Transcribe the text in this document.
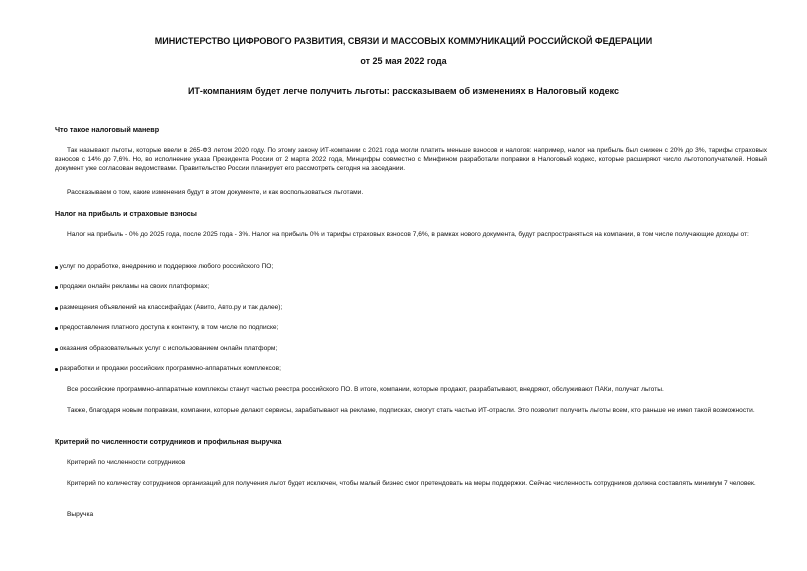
МИНИСТЕРСТВО ЦИФРОВОГО РАЗВИТИЯ, СВЯЗИ И МАССОВЫХ КОММУНИКАЦИЙ РОССИЙСКОЙ ФЕДЕРАЦИИ

от 25 мая 2022 года

ИТ-компаниям будет легче получить льготы: рассказываем об изменениях в Налоговый кодекс

Что такое налоговый маневр

Так называют льготы, которые ввели в 265-ФЗ летом 2020 году. По этому закону ИТ-компании с 2021 года могли платить меньше взносов и налогов: например, налог на прибыль был снижен с 20% до 3%, тарифы страховых взносов с 14% до 7,6%. Но, во исполнение указа Президента России от 2 марта 2022 года, Минцифры совместно с Минфином разработали поправки в Налоговый кодекс, которые расширяют число льготополучателей. Новый документ уже согласован ведомствами. Правительство России планирует его рассмотреть сегодня на заседании.

Рассказываем о том, какие изменения будут в этом документе, и как воспользоваться льготами.

Налог на прибыль и страховые взносы

Налог на прибыль - 0% до 2025 года, после 2025 года - 3%. Налог на прибыль 0% и тарифы страховых взносов 7,6%, в рамках нового документа, будут распространяться на компании, в том числе получающие доходы от:

услуг по доработке, внедрению и поддержке любого российского ПО;
продажи онлайн рекламы на своих платформах;
размещения объявлений на классифайдах (Авито, Авто.ру и так далее);
предоставления платного доступа к контенту, в том числе по подписке;
оказания образовательных услуг с использованием онлайн платформ;
разработки и продажи российских программно-аппаратных комплексов;

Все российские программно-аппаратные комплексы станут частью реестра российского ПО. В итоге, компании, которые продают, разрабатывают, внедряют, обслуживают ПАКи, получат льготы.

Также, благодаря новым поправкам, компании, которые делают сервисы, зарабатывают на рекламе, подписках, смогут стать частью ИТ-отрасли. Это позволит получить льготы всем, кто раньше не имел такой возможности.

Критерий по численности сотрудников и профильная выручка

Критерий по численности сотрудников

Критерий по количеству сотрудников организаций для получения льгот будет исключен, чтобы малый бизнес смог претендовать на меры поддержки. Сейчас численность сотрудников должна составлять минимум 7 человек.

Выручка
